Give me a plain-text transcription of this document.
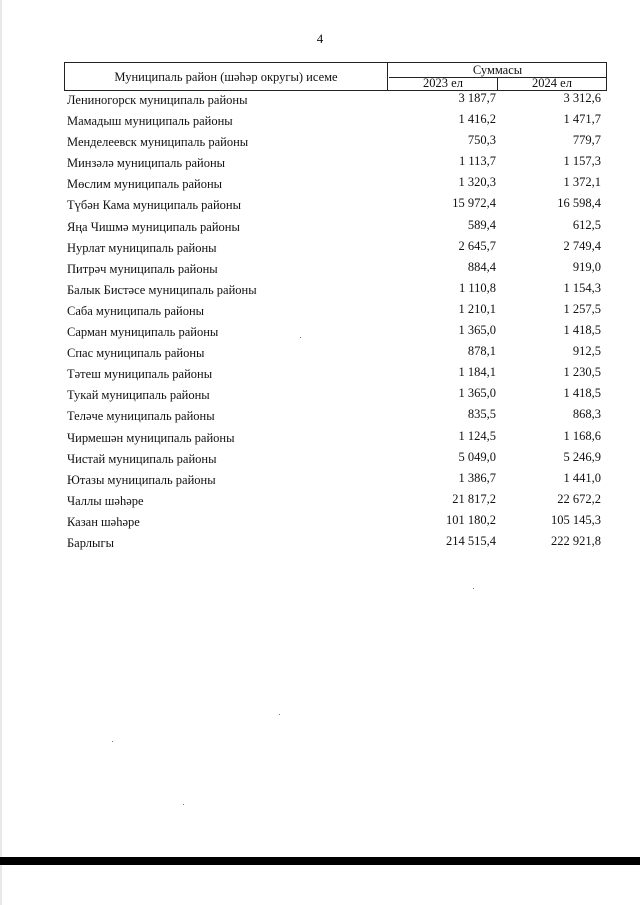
4
Муниципаль район (шәһәр округы) исеме	Суммасы
2023 ел	2024 ел
Лениногорск муниципаль районы	3 187,7	3 312,6
Мамадыш муниципаль районы	1 416,2	1 471,7
Менделеевск муниципаль районы	750,3	779,7
Минзәлә муниципаль районы	1 113,7	1 157,3
Мөслим муниципаль районы	1 320,3	1 372,1
Түбән Кама муниципаль районы	15 972,4	16 598,4
Яңа Чишмә муниципаль районы	589,4	612,5
Нурлат муниципаль районы	2 645,7	2 749,4
Питрәч муниципаль районы	884,4	919,0
Балык Бистәсе муниципаль районы	1 110,8	1 154,3
Саба муниципаль районы	1 210,1	1 257,5
Сарман муниципаль районы	1 365,0	1 418,5
Спас муниципаль районы	878,1	912,5
Тәтеш муниципаль районы	1 184,1	1 230,5
Тукай муниципаль районы	1 365,0	1 418,5
Теләче муниципаль районы	835,5	868,3
Чирмешән муниципаль районы	1 124,5	1 168,6
Чистай муниципаль районы	5 049,0	5 246,9
Ютазы муниципаль районы	1 386,7	1 441,0
Чаллы шәһәре	21 817,2	22 672,2
Казан шәһәре	101 180,2	105 145,3
Барлыгы	214 515,4	222 921,8
